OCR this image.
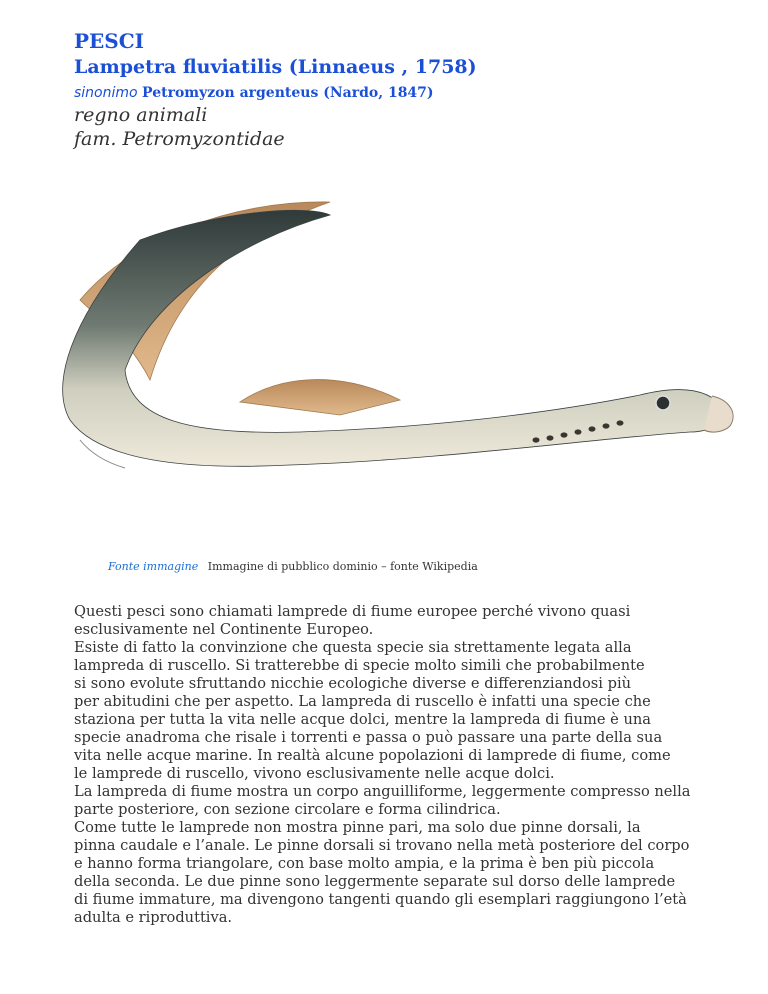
PESCI
Lampetra fluviatilis (Linnaeus , 1758)
sinonimo Petromyzon argenteus (Nardo, 1847)
regno animali
fam. Petromyzontidae
Fonte immagine Immagine di pubblico dominio – fonte Wikipedia

Questi pesci sono chiamati lamprede di fiume europee perché vivono quasi

esclusivamente nel Continente Europeo.

Esiste di fatto la convinzione che questa specie sia strettamente legata alla

lampreda di ruscello. Si tratterebbe di specie molto simili che probabilmente

si sono evolute sfruttando nicchie ecologiche diverse e differenziandosi più

per abitudini che per aspetto. La lampreda di ruscello è infatti una specie che

staziona per tutta la vita nelle acque dolci, mentre la lampreda di fiume è una

specie anadroma che risale i torrenti e passa o può passare una parte della sua

vita nelle acque marine. In realtà alcune popolazioni di lamprede di fiume, come

le lamprede di ruscello, vivono esclusivamente nelle acque dolci.

La lampreda di fiume mostra un corpo anguilliforme, leggermente compresso nella

parte posteriore, con sezione circolare e forma cilindrica.

Come tutte le lamprede non mostra pinne pari, ma solo due pinne dorsali, la

pinna caudale e l’anale. Le pinne dorsali si trovano nella metà posteriore del corpo

e hanno forma triangolare, con base molto ampia, e la prima è ben più piccola

della seconda. Le due pinne sono leggermente separate sul dorso delle lamprede

di fiume immature, ma divengono tangenti quando gli esemplari raggiungono l’età

adulta e riproduttiva.
